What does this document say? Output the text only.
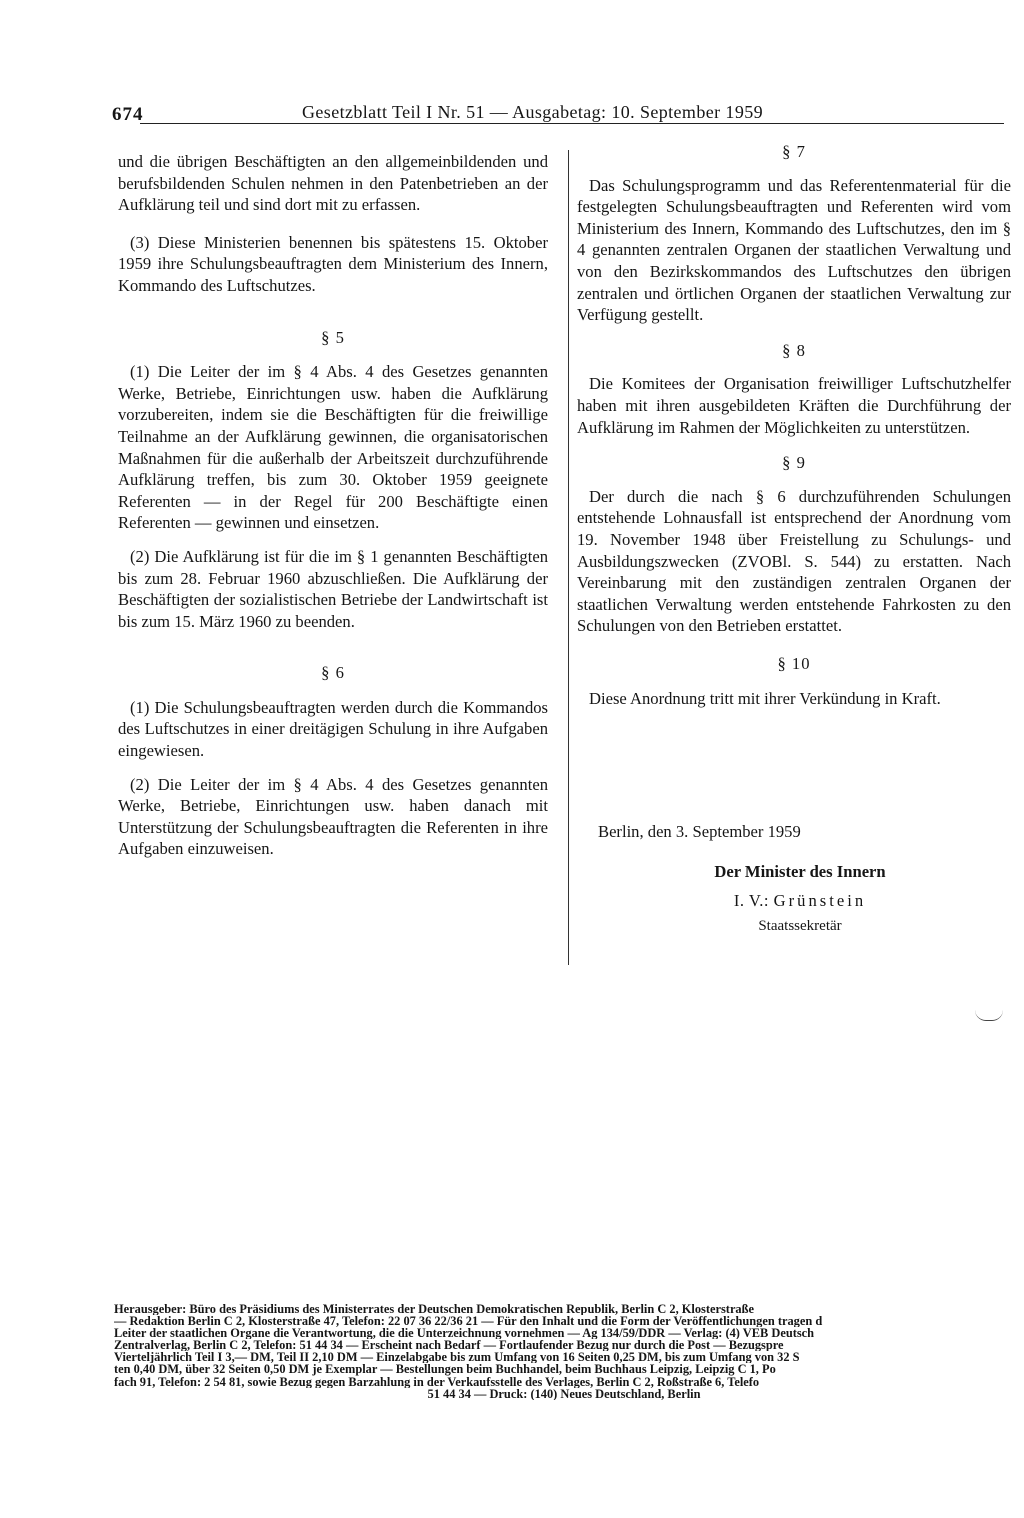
674	Gesetzblatt Teil I Nr. 51 — Ausgabetag: 10. September 1959

und die übrigen Beschäftigten an den allgemeinbildenden und berufsbildenden Schulen nehmen in den Patenbetrieben an der Aufklärung teil und sind dort mit zu erfassen.

(3) Diese Ministerien benennen bis spätestens 15. Oktober 1959 ihre Schulungsbeauftragten dem Ministerium des Innern, Kommando des Luftschutzes.

§ 5

(1) Die Leiter der im § 4 Abs. 4 des Gesetzes genannten Werke, Betriebe, Einrichtungen usw. haben die Aufklärung vorzubereiten, indem sie die Beschäftigten für die freiwillige Teilnahme an der Aufklärung gewinnen, die organisatorischen Maßnahmen für die außerhalb der Arbeitszeit durchzuführende Aufklärung treffen, bis zum 30. Oktober 1959 geeignete Referenten — in der Regel für 200 Beschäftigte einen Referenten — gewinnen und einsetzen.

(2) Die Aufklärung ist für die im § 1 genannten Beschäftigten bis zum 28. Februar 1960 abzuschließen. Die Aufklärung der Beschäftigten der sozialistischen Betriebe der Landwirtschaft ist bis zum 15. März 1960 zu beenden.

§ 6

(1) Die Schulungsbeauftragten werden durch die Kommandos des Luftschutzes in einer dreitägigen Schulung in ihre Aufgaben eingewiesen.

(2) Die Leiter der im § 4 Abs. 4 des Gesetzes genannten Werke, Betriebe, Einrichtungen usw. haben danach mit Unterstützung der Schulungsbeauftragten die Referenten in ihre Aufgaben einzuweisen.

§ 7

Das Schulungsprogramm und das Referentenmaterial für die festgelegten Schulungsbeauftragten und Referenten wird vom Ministerium des Innern, Kommando des Luftschutzes, den im § 4 genannten zentralen Organen der staatlichen Verwaltung und von den Bezirkskommandos des Luftschutzes den übrigen zentralen und örtlichen Organen der staatlichen Verwaltung zur Verfügung gestellt.

§ 8

Die Komitees der Organisation freiwilliger Luftschutzhelfer haben mit ihren ausgebildeten Kräften die Durchführung der Aufklärung im Rahmen der Möglichkeiten zu unterstützen.

§ 9

Der durch die nach § 6 durchzuführenden Schulungen entstehende Lohnausfall ist entsprechend der Anordnung vom 19. November 1948 über Freistellung zu Schulungs- und Ausbildungszwecken (ZVOBl. S. 544) zu erstatten. Nach Vereinbarung mit den zuständigen zentralen Organen der staatlichen Verwaltung werden entstehende Fahrkosten zu den Schulungen von den Betrieben erstattet.

§ 10

Diese Anordnung tritt mit ihrer Verkündung in Kraft.

Berlin, den 3. September 1959
Der Minister des Innern
I. V.: Grünstein
Staatssekretär
Herausgeber: Büro des Präsidiums des Ministerrates der Deutschen Demokratischen Republik, Berlin C 2, Klosterstraße
— Redaktion Berlin C 2, Klosterstraße 47, Telefon: 22 07 36 22/36 21 — Für den Inhalt und die Form der Veröffentlichungen tragen d
Leiter der staatlichen Organe die Verantwortung, die die Unterzeichnung vornehmen — Ag 134/59/DDR — Verlag: (4) VEB Deutsch
Zentralverlag, Berlin C 2, Telefon: 51 44 34 — Erscheint nach Bedarf — Fortlaufender Bezug nur durch die Post — Bezugspre
Vierteljährlich Teil I 3,— DM, Teil II 2,10 DM — Einzelabgabe bis zum Umfang von 16 Seiten 0,25 DM, bis zum Umfang von 32 S
ten 0,40 DM, über 32 Seiten 0,50 DM je Exemplar — Bestellungen beim Buchhandel, beim Buchhaus Leipzig, Leipzig C 1, Po
fach 91, Telefon: 2 54 81, sowie Bezug gegen Barzahlung in der Verkaufsstelle des Verlages, Berlin C 2, Roßstraße 6, Telefo
51 44 34 — Druck: (140) Neues Deutschland, Berlin
